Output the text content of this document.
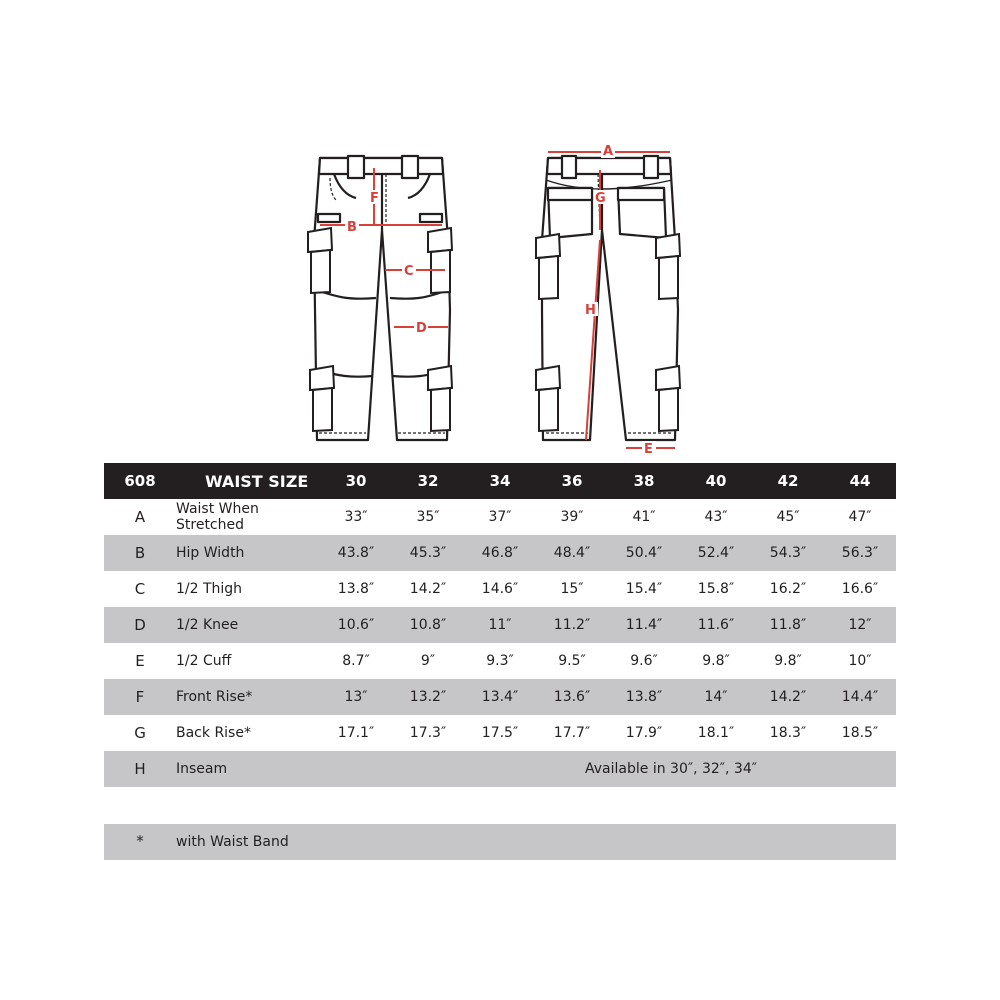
A
B
C
D
E
F	G
H
608	WAIST SIZE	30	32	34	36	38	40	42	44
A	Waist When Stretched	33″	35″	37″	39″	41″	43″	45″	47″
B	Hip Width	43.8″	45.3″	46.8″	48.4″	50.4″	52.4″	54.3″	56.3″
C	1/2 Thigh	13.8″	14.2″	14.6″	15″	15.4″	15.8″	16.2″	16.6″
D	1/2 Knee	10.6″	10.8″	11″	11.2″	11.4″	11.6″	11.8″	12″
E	1/2 Cuff	8.7″	9″	9.3″	9.5″	9.6″	9.8″	9.8″	10″
F	Front Rise*	13″	13.2″	13.4″	13.6″	13.8″	14″	14.2″	14.4″
G	Back Rise*	17.1″	17.3″	17.5″	17.7″	17.9″	18.1″	18.3″	18.5″
H	Inseam	Available in 30″, 32″, 34″							
*	with Waist Band
